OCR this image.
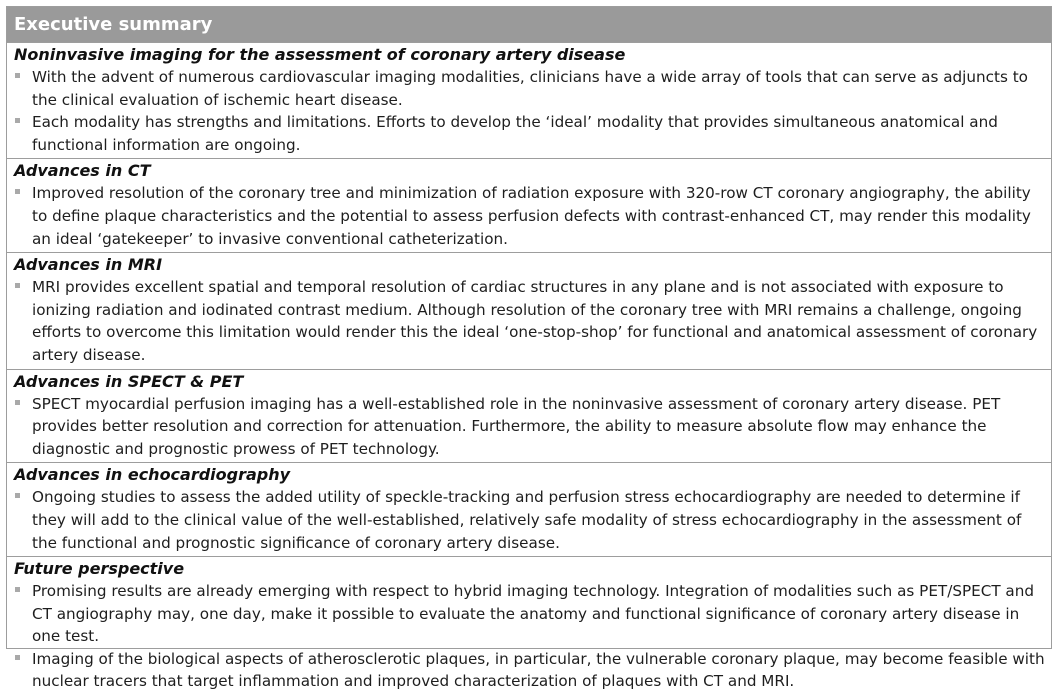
Executive summary
Noninvasive imaging for the assessment of coronary artery disease
With the advent of numerous cardiovascular imaging modalities, clinicians have a wide array of tools that can serve as adjuncts to the clinical evaluation of ischemic heart disease.
Each modality has strengths and limitations. Efforts to develop the ‘ideal’ modality that provides simultaneous anatomical and functional information are ongoing.
Advances in CT
Improved resolution of the coronary tree and minimization of radiation exposure with 320-row CT coronary angiography, the ability to define plaque characteristics and the potential to assess perfusion defects with contrast-enhanced CT, may render this modality an ideal ‘gatekeeper’ to invasive conventional catheterization.
Advances in MRI
MRI provides excellent spatial and temporal resolution of cardiac structures in any plane and is not associated with exposure to ionizing radiation and iodinated contrast medium. Although resolution of the coronary tree with MRI remains a challenge, ongoing efforts to overcome this limitation would render this the ideal ‘one-stop-shop’ for functional and anatomical assessment of coronary artery disease.
Advances in SPECT & PET
SPECT myocardial perfusion imaging has a well-established role in the noninvasive assessment of coronary artery disease. PET provides better resolution and correction for attenuation. Furthermore, the ability to measure absolute flow may enhance the diagnostic and prognostic prowess of PET technology.
Advances in echocardiography
Ongoing studies to assess the added utility of speckle-tracking and perfusion stress echocardiography are needed to determine if they will add to the clinical value of the well-established, relatively safe modality of stress echocardiography in the assessment of the functional and prognostic significance of coronary artery disease.
Future perspective
Promising results are already emerging with respect to hybrid imaging technology. Integration of modalities such as PET/SPECT and CT angiography may, one day, make it possible to evaluate the anatomy and functional significance of coronary artery disease in one test.
Imaging of the biological aspects of atherosclerotic plaques, in particular, the vulnerable coronary plaque, may become feasible with nuclear tracers that target inflammation and improved characterization of plaques with CT and MRI.
